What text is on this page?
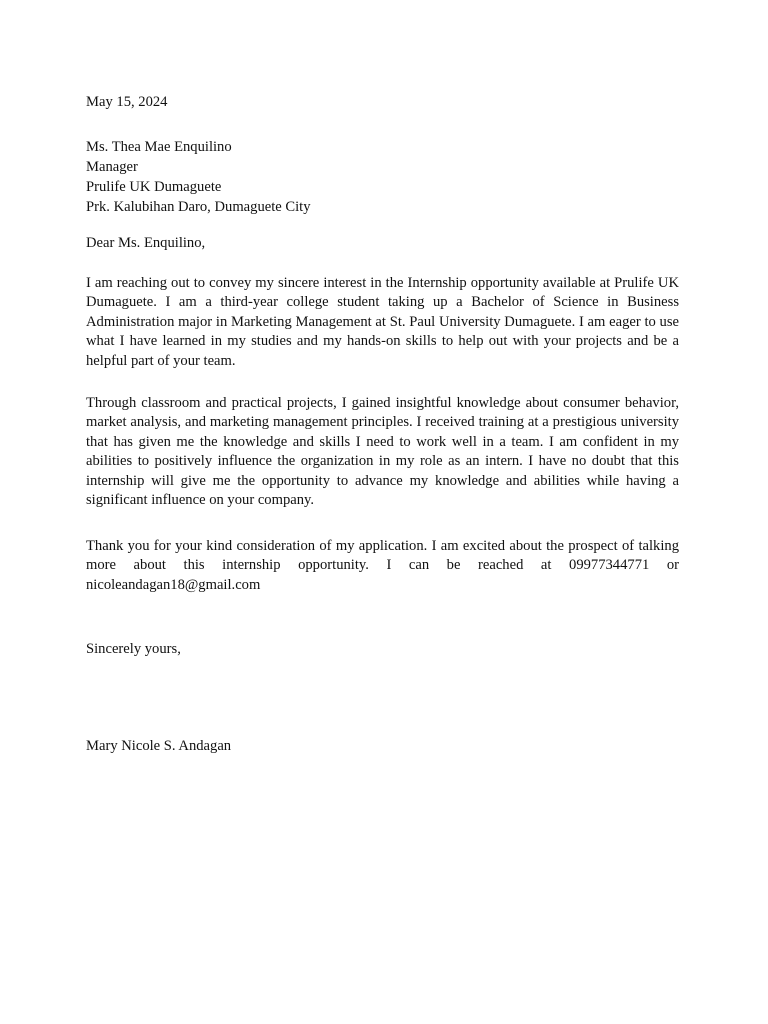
May 15, 2024
Ms. Thea Mae Enquilino
Manager
Prulife UK Dumaguete
Prk. Kalubihan Daro, Dumaguete City
Dear Ms. Enquilino,

I am reaching out to convey my sincere interest in the Internship opportunity available at Prulife UK Dumaguete. I am a third-year college student taking up a Bachelor of Science in Business Administration major in Marketing Management at St. Paul University Dumaguete. I am eager to use what I have learned in my studies and my hands-on skills to help out with your projects and be a helpful part of your team.

Through classroom and practical projects, I gained insightful knowledge about consumer behavior, market analysis, and marketing management principles. I received training at a prestigious university that has given me the knowledge and skills I need to work well in a team. I am confident in my abilities to positively influence the organization in my role as an intern. I have no doubt that this internship will give me the opportunity to advance my knowledge and abilities while having a significant influence on your company.

Thank you for your kind consideration of my application. I am excited about the prospect of talking more about this internship opportunity. I can be reached at 09977344771 or nicoleandagan18@gmail.com

Sincerely yours,
Mary Nicole S. Andagan
